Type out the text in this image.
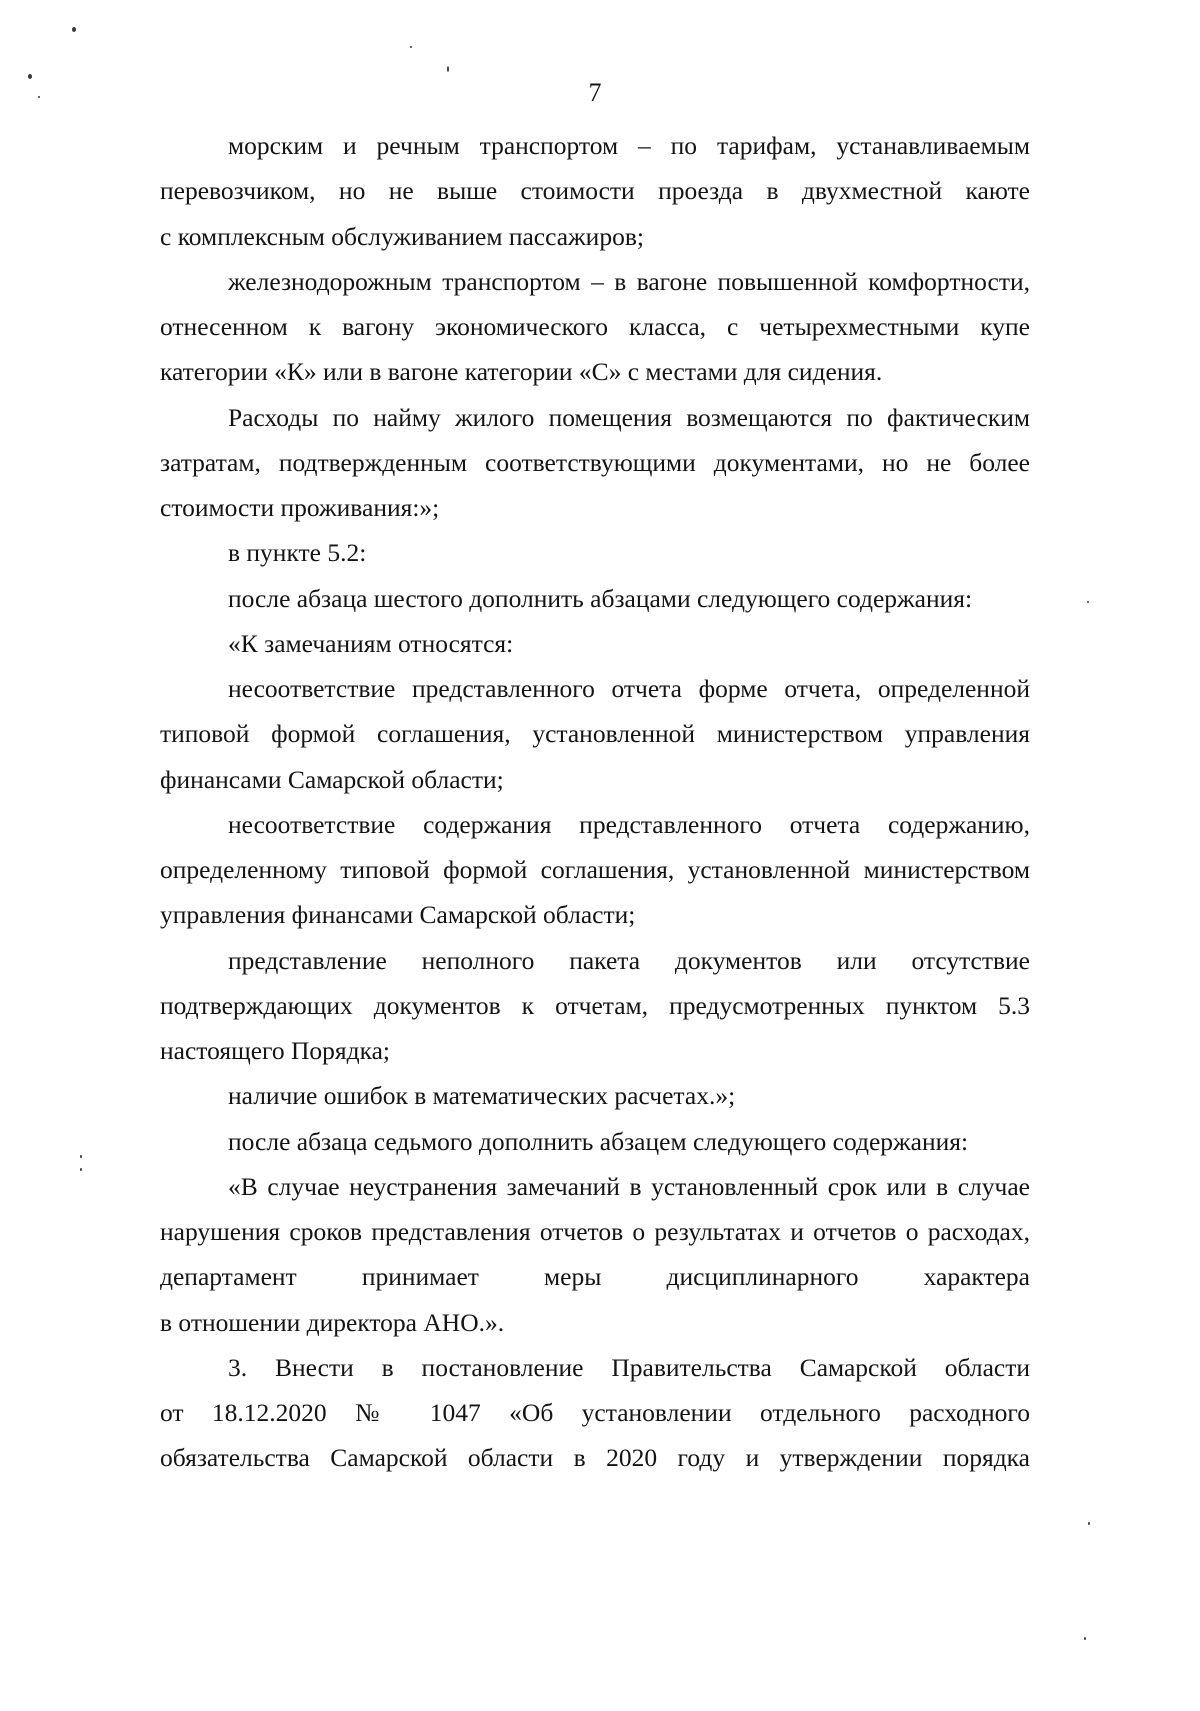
7
морским и речным транспортом – по тарифам, устанавливаемым
перевозчиком, но не выше стоимости проезда в двухместной каюте
с комплексным обслуживанием пассажиров;
железнодорожным транспортом – в вагоне повышенной комфортности,
отнесенном к вагону экономического класса, с четырехместными купе
категории «К» или в вагоне категории «С» с местами для сидения.
Расходы по найму жилого помещения возмещаются по фактическим
затратам, подтвержденным соответствующими документами, но не более
стоимости проживания:»;
в пункте 5.2:
после абзаца шестого дополнить абзацами следующего содержания:
«К замечаниям относятся:
несоответствие представленного отчета форме отчета, определенной
типовой формой соглашения, установленной министерством управления
финансами Самарской области;
несоответствие содержания представленного отчета содержанию,
определенному типовой формой соглашения, установленной министерством
управления финансами Самарской области;
представление неполного пакета документов или отсутствие
подтверждающих документов к отчетам, предусмотренных пунктом 5.3
настоящего Порядка;
наличие ошибок в математических расчетах.»;
после абзаца седьмого дополнить абзацем следующего содержания:
«В случае неустранения замечаний в установленный срок или в случае
нарушения сроков представления отчетов о результатах и отчетов о расходах,
департамент принимает меры дисциплинарного характера
в отношении директора АНО.».
3. Внести в постановление Правительства Самарской области
от 18.12.2020 № 1047 «Об установлении отдельного расходного
обязательства Самарской области в 2020 году и утверждении порядка
